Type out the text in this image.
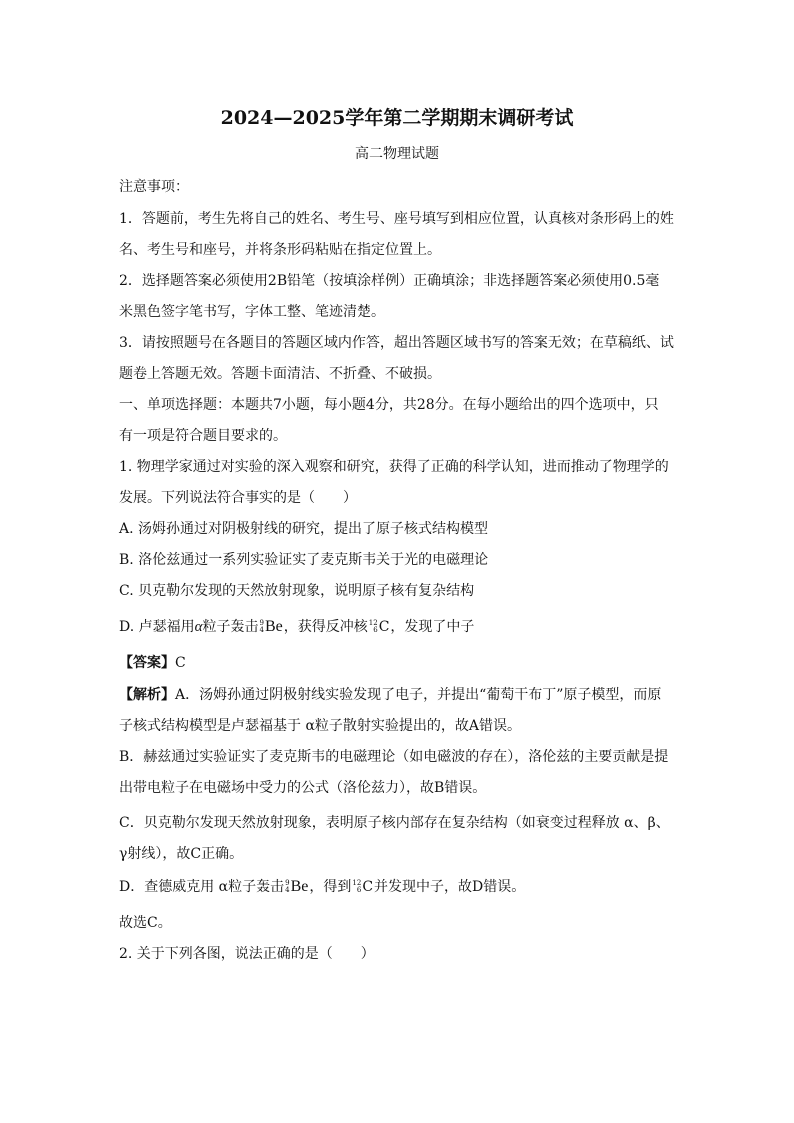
2024—2025学年第二学期期末调研考试
高二物理试题
注意事项：
1．答题前，考生先将自己的姓名、考生号、座号填写到相应位置，认真核对条形码上的姓
名、考生号和座号，并将条形码粘贴在指定位置上。
2．选择题答案必须使用2B铅笔（按填涂样例）正确填涂；非选择题答案必须使用0.5毫
米黑色签字笔书写，字体工整、笔迹清楚。
3．请按照题号在各题目的答题区域内作答，超出答题区域书写的答案无效；在草稿纸、试
题卷上答题无效。答题卡面清洁、不折叠、不破损。
一、单项选择题：本题共7小题，每小题4分，共28分。在每小题给出的四个选项中，只
有一项是符合题目要求的。
1. 物理学家通过对实验的深入观察和研究，获得了正确的科学认知，进而推动了物理学的
发展。下列说法符合事实的是（　　）
A. 汤姆孙通过对阴极射线的研究，提出了原子核式结构模型
B. 洛伦兹通过一系列实验证实了麦克斯韦关于光的电磁理论
C. 贝克勒尔发现的天然放射现象，说明原子核有复杂结构
D. 卢瑟福用α粒子轰击 9
4 Be ，获得反冲核 12
6 C ，发现了中子
【答案】C
【解析】A．汤姆孙通过阴极射线实验发现了电子，并提出“葡萄干布丁”原子模型，而原
子核式结构模型是卢瑟福基于 α粒子散射实验提出的，故A错误。
B．赫兹通过实验证实了麦克斯韦的电磁理论（如电磁波的存在），洛伦兹的主要贡献是提
出带电粒子在电磁场中受力的公式（洛伦兹力），故B错误。
C．贝克勒尔发现天然放射现象，表明原子核内部存在复杂结构（如衰变过程释放 α、β、
γ射线），故C正确。
D．查德威克用 α粒子轰击 9
4 Be ，得到 12
6 C 并发现中子，故D错误。
故选C。
2. 关于下列各图，说法正确的是（　　）
